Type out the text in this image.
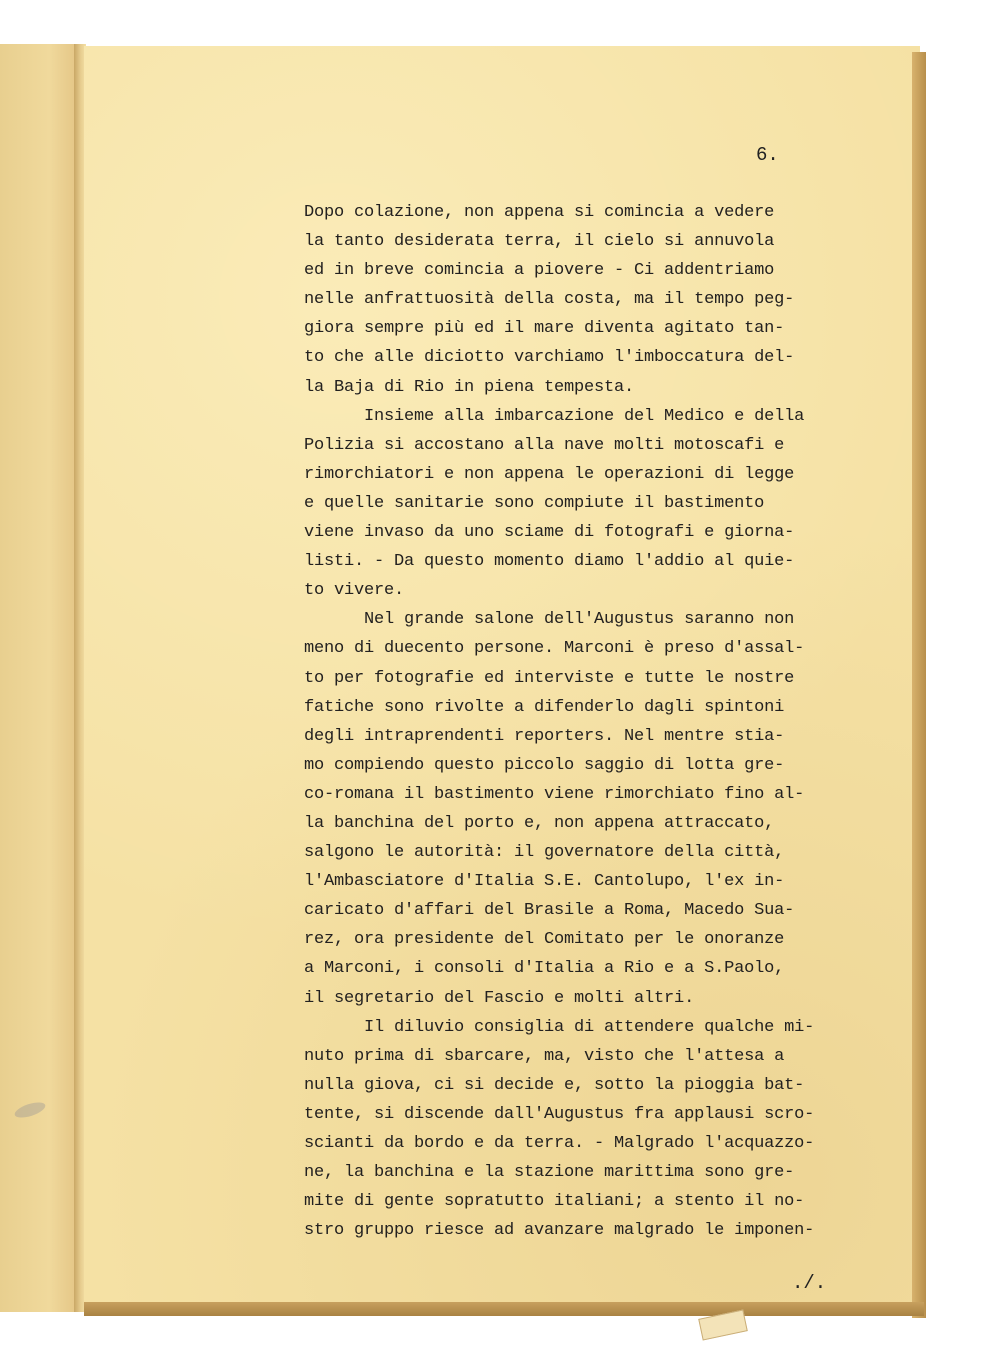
6.
Dopo colazione, non appena si comincia a vedere
la tanto desiderata terra, il cielo si annuvola
ed in breve comincia a piovere - Ci addentriamo
nelle anfrattuosità della costa, ma il tempo peg-
giora sempre più ed il mare diventa agitato tan-
to che alle diciotto varchiamo l'imboccatura del-
la Baja di Rio in piena tempesta.
Insieme alla imbarcazione del Medico e della
Polizia si accostano alla nave molti motoscafi e
rimorchiatori e non appena le operazioni di legge
e quelle sanitarie sono compiute il bastimento
viene invaso da uno sciame di fotografi e giorna-
listi. - Da questo momento diamo l'addio al quie-
to vivere.
Nel grande salone dell'Augustus saranno non
meno di duecento persone. Marconi è preso d'assal-
to per fotografie ed interviste e tutte le nostre
fatiche sono rivolte a difenderlo dagli spintoni
degli intraprendenti reporters. Nel mentre stia-
mo compiendo questo piccolo saggio di lotta gre-
co-romana il bastimento viene rimorchiato fino al-
la banchina del porto e, non appena attraccato,
salgono le autorità: il governatore della città,
l'Ambasciatore d'Italia S.E. Cantolupo, l'ex in-
caricato d'affari del Brasile a Roma, Macedo Sua-
rez, ora presidente del Comitato per le onoranze
a Marconi, i consoli d'Italia a Rio e a S.Paolo,
il segretario del Fascio e molti altri.
Il diluvio consiglia di attendere qualche mi-
nuto prima di sbarcare, ma, visto che l'attesa a
nulla giova, ci si decide e, sotto la pioggia bat-
tente, si discende dall'Augustus fra applausi scro-
scianti da bordo e da terra. - Malgrado l'acquazzo-
ne, la banchina e la stazione marittima sono gre-
mite di gente sopratutto italiani; a stento il no-
stro gruppo riesce ad avanzare malgrado le imponen-
./.
